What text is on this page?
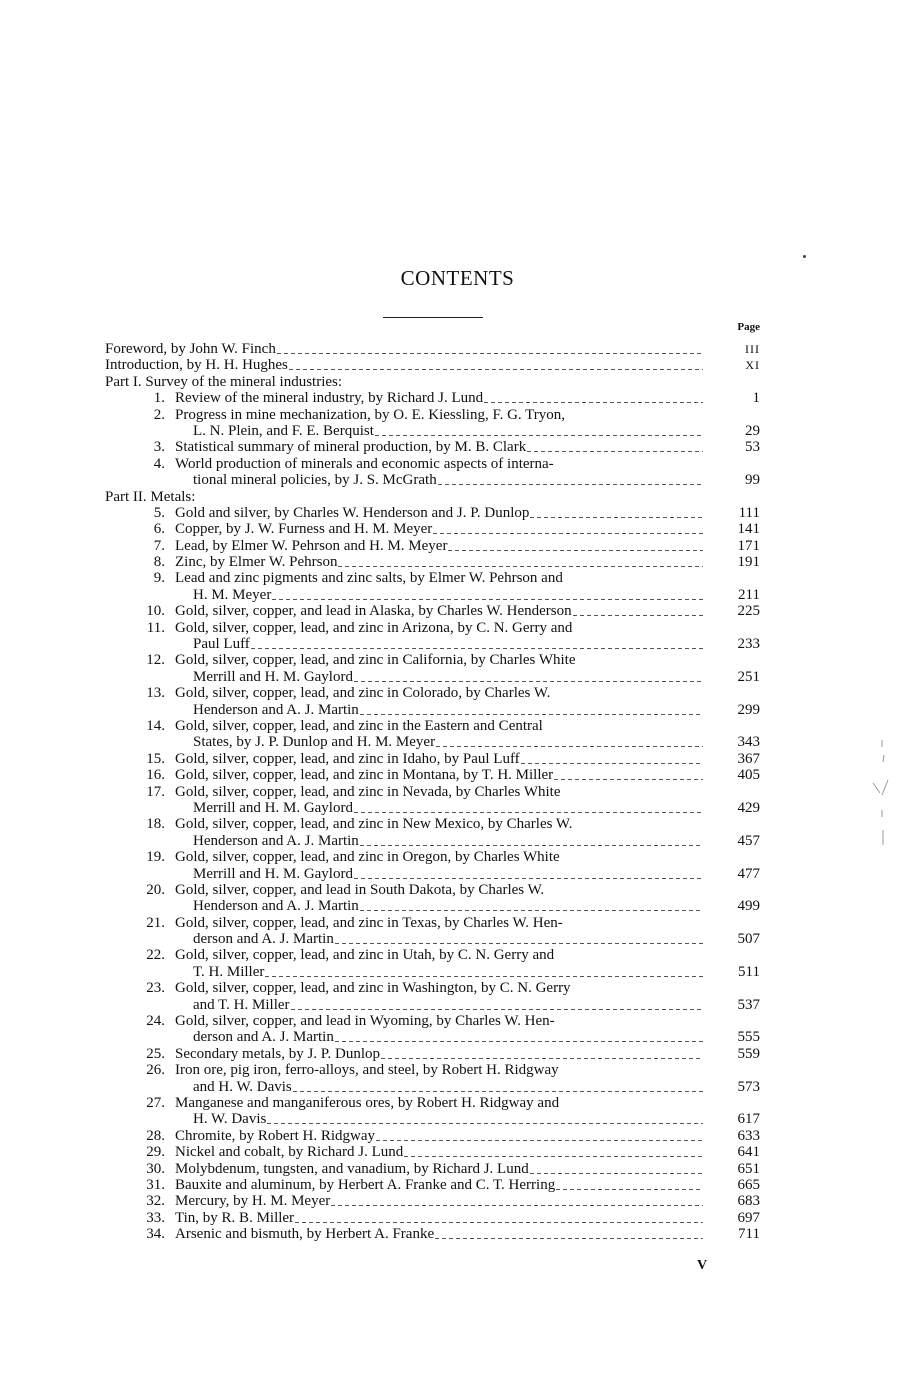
CONTENTS
Page
Foreword, by John W. Finch	III
Introduction, by H. H. Hughes	XI
Part I. Survey of the mineral industries:
1. Review of the mineral industry, by Richard J. Lund	1
2. Progress in mine mechanization, by O. E. Kiessling, F. G. Tryon,
L. N. Plein, and F. E. Berquist	29
3. Statistical summary of mineral production, by M. B. Clark	53
4. World production of minerals and economic aspects of interna-
tional mineral policies, by J. S. McGrath	99
Part II. Metals:
5. Gold and silver, by Charles W. Henderson and J. P. Dunlop	111
6. Copper, by J. W. Furness and H. M. Meyer	141
7. Lead, by Elmer W. Pehrson and H. M. Meyer	171
8. Zinc, by Elmer W. Pehrson	191
9. Lead and zinc pigments and zinc salts, by Elmer W. Pehrson and
H. M. Meyer	211
10. Gold, silver, copper, and lead in Alaska, by Charles W. Henderson	225
11. Gold, silver, copper, lead, and zinc in Arizona, by C. N. Gerry and
Paul Luff	233
12. Gold, silver, copper, lead, and zinc in California, by Charles White
Merrill and H. M. Gaylord	251
13. Gold, silver, copper, lead, and zinc in Colorado, by Charles W.
Henderson and A. J. Martin	299
14. Gold, silver, copper, lead, and zinc in the Eastern and Central
States, by J. P. Dunlop and H. M. Meyer	343
15. Gold, silver, copper, lead, and zinc in Idaho, by Paul Luff	367
16. Gold, silver, copper, lead, and zinc in Montana, by T. H. Miller	405
17. Gold, silver, copper, lead, and zinc in Nevada, by Charles White
Merrill and H. M. Gaylord	429
18. Gold, silver, copper, lead, and zinc in New Mexico, by Charles W.
Henderson and A. J. Martin	457
19. Gold, silver, copper, lead, and zinc in Oregon, by Charles White
Merrill and H. M. Gaylord	477
20. Gold, silver, copper, and lead in South Dakota, by Charles W.
Henderson and A. J. Martin	499
21. Gold, silver, copper, lead, and zinc in Texas, by Charles W. Hen-
derson and A. J. Martin	507
22. Gold, silver, copper, lead, and zinc in Utah, by C. N. Gerry and
T. H. Miller	511
23. Gold, silver, copper, lead, and zinc in Washington, by C. N. Gerry
and T. H. Miller	537
24. Gold, silver, copper, and lead in Wyoming, by Charles W. Hen-
derson and A. J. Martin	555
25. Secondary metals, by J. P. Dunlop	559
26. Iron ore, pig iron, ferro-alloys, and steel, by Robert H. Ridgway
and H. W. Davis	573
27. Manganese and manganiferous ores, by Robert H. Ridgway and
H. W. Davis	617
28. Chromite, by Robert H. Ridgway	633
29. Nickel and cobalt, by Richard J. Lund	641
30. Molybdenum, tungsten, and vanadium, by Richard J. Lund	651
31. Bauxite and aluminum, by Herbert A. Franke and C. T. Herring	665
32. Mercury, by H. M. Meyer	683
33. Tin, by R. B. Miller	697
34. Arsenic and bismuth, by Herbert A. Franke	711
V
